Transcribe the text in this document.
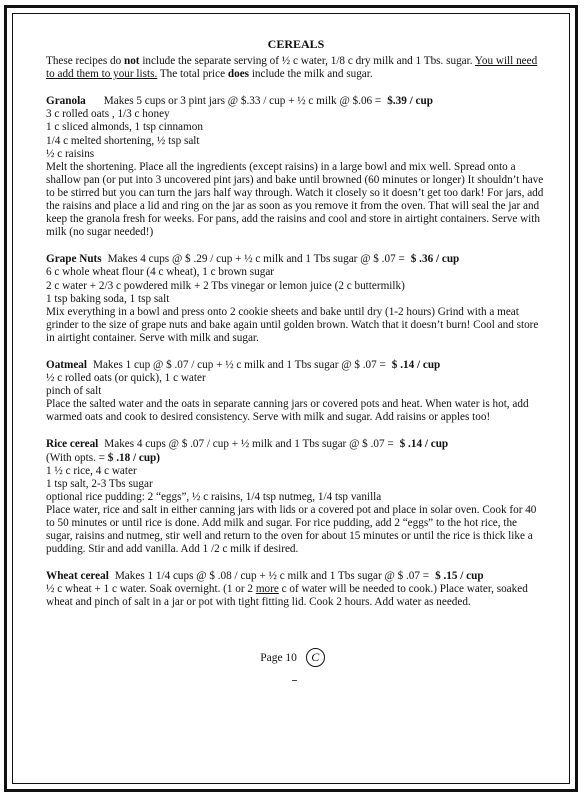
CEREALS

These recipes do not include the separate serving of ½ c water, 1/8 c dry milk and 1 Tbs. sugar. You will need to add them to your lists. The total price does include the milk and sugar.

Granola Makes 5 cups or 3 pint jars @ $.33 / cup + ½ c milk @ $.06 = $.39 / cup

3 c rolled oats , 1/3 c honey

1 c sliced almonds, 1 tsp cinnamon

1/4 c melted shortening, ½ tsp salt

½ c raisins

Melt the shortening. Place all the ingredients (except raisins) in a large bowl and mix well. Spread onto a shallow pan (or put into 3 uncovered pint jars) and bake until browned (60 minutes or longer) It shouldn’t have to be stirred but you can turn the jars half way through. Watch it closely so it doesn’t get too dark! For jars, add the raisins and place a lid and ring on the jar as soon as you remove it from the oven. That will seal the jar and keep the granola fresh for weeks. For pans, add the raisins and cool and store in airtight containers. Serve with milk (no sugar needed!)

Grape Nuts Makes 4 cups @ $ .29 / cup + ½ c milk and 1 Tbs sugar @ $ .07 = $ .36 / cup

6 c whole wheat flour (4 c wheat), 1 c brown sugar

2 c water + 2/3 c powdered milk + 2 Tbs vinegar or lemon juice (2 c buttermilk)

1 tsp baking soda, 1 tsp salt

Mix everything in a bowl and press onto 2 cookie sheets and bake until dry (1-2 hours) Grind with a meat grinder to the size of grape nuts and bake again until golden brown. Watch that it doesn’t burn! Cool and store in airtight container. Serve with milk and sugar.

Oatmeal Makes 1 cup @ $ .07 / cup + ½ c milk and 1 Tbs sugar @ $ .07 = $ .14 / cup

½ c rolled oats (or quick), 1 c water

pinch of salt

Place the salted water and the oats in separate canning jars or covered pots and heat. When water is hot, add warmed oats and cook to desired consistency. Serve with milk and sugar. Add raisins or apples too!

Rice cereal Makes 4 cups @ $ .07 / cup + ½ milk and 1 Tbs sugar @ $ .07 = $ .14 / cup

(With opts. = $ .18 / cup)

1 ½ c rice, 4 c water

1 tsp salt, 2-3 Tbs sugar

optional rice pudding: 2 “eggs”, ½ c raisins, 1/4 tsp nutmeg, 1/4 tsp vanilla

Place water, rice and salt in either canning jars with lids or a covered pot and place in solar oven. Cook for 40 to 50 minutes or until rice is done. Add milk and sugar. For rice pudding, add 2 “eggs” to the hot rice, the sugar, raisins and nutmeg, stir well and return to the oven for about 15 minutes or until the rice is thick like a pudding. Stir and add vanilla. Add 1 /2 c milk if desired.

Wheat cereal Makes 1 1/4 cups @ $ .08 / cup + ½ c milk and 1 Tbs sugar @ $ .07 = $ .15 / cup

½ c wheat + 1 c water. Soak overnight. (1 or 2 more c of water will be needed to cook.) Place water, soaked wheat and pinch of salt in a jar or pot with tight fitting lid. Cook 2 hours. Add water as needed.

Page 10 C
